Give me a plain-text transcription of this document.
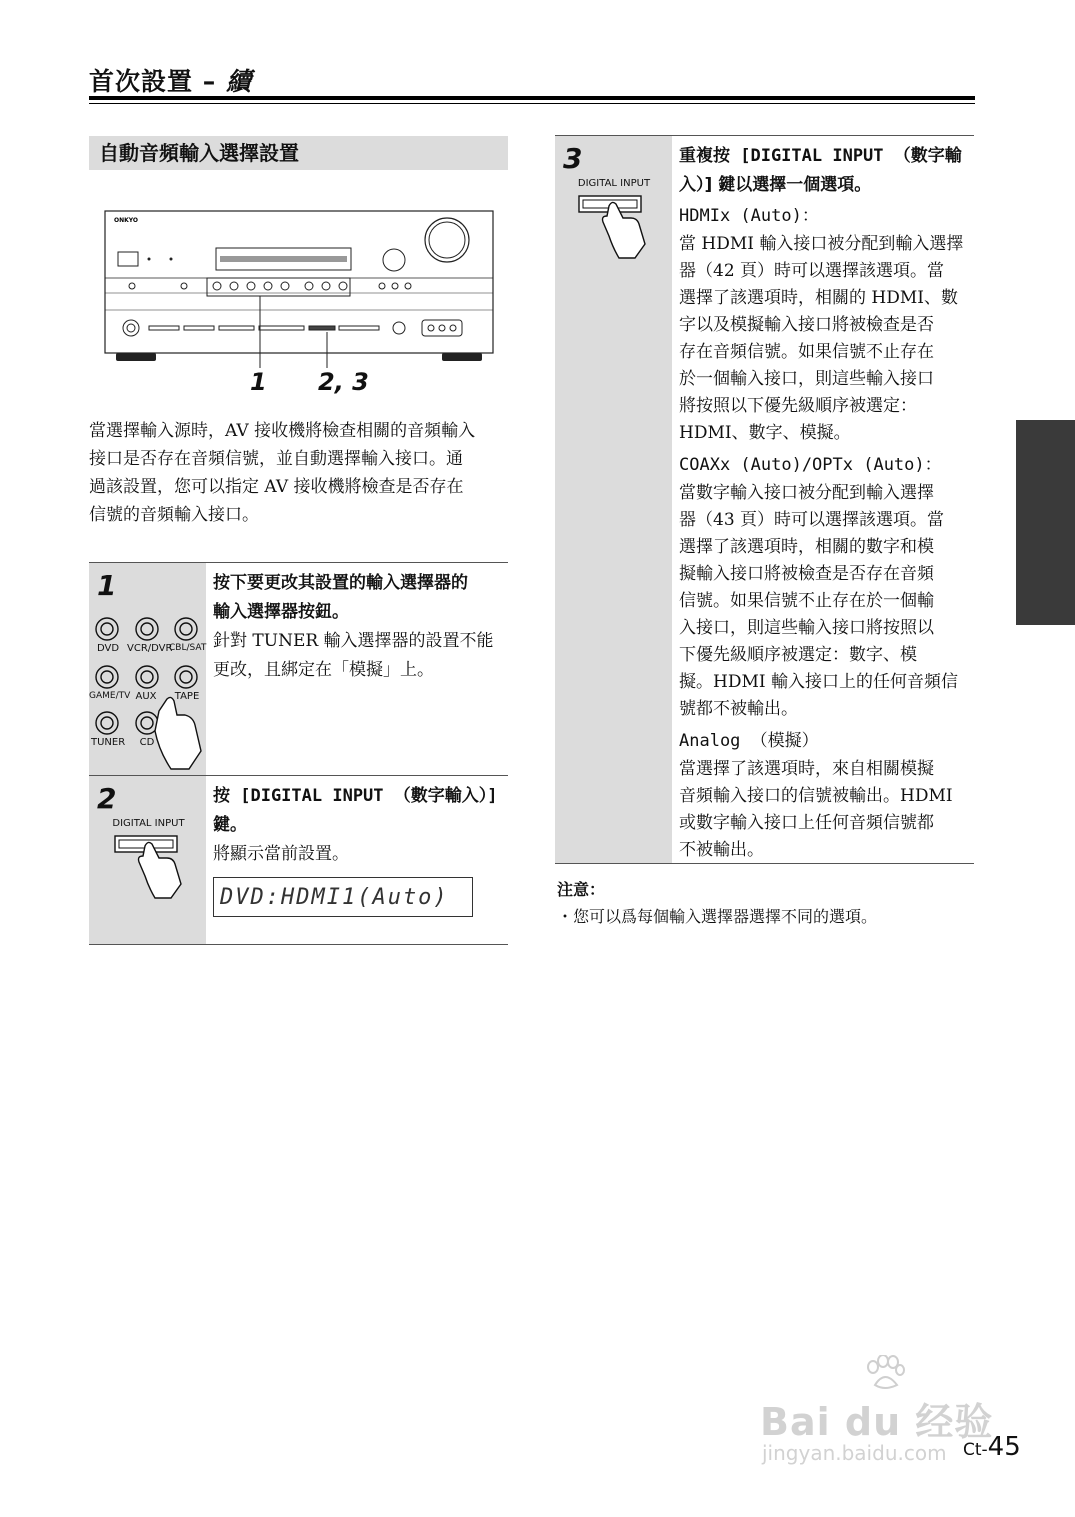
首次設置 – 續
自動音頻輸入選擇設置
ONKYO
1 2, 3
當選擇輸入源時，AV 接收機將檢查相關的音頻輸入
接口是否存在音頻信號，並自動選擇輸入接口。通
過該設置，您可以指定 AV 接收機將檢查是否存在
信號的音頻輸入接口。
1
DVD VCR/DVR
CBL/SAT
GAME/TV AUX	TAPE
TUNER	CD
按下要更改其設置的輸入選擇器的
輸入選擇器按鈕。
針對 TUNER 輸入選擇器的設置不能
更改，且綁定在「模擬」上。
2
DIGITAL INPUT
按 [DIGITAL INPUT （數字輸入）]
鍵。
將顯示當前設置。
DVD:HDMI1(Auto)
3
DIGITAL INPUT
重複按 [DIGITAL INPUT （數字輸
入）] 鍵以選擇一個選項。
HDMIx (Auto)：
當 HDMI 輸入接口被分配到輸入選擇
器（42 頁）時可以選擇該選項。當
選擇了該選項時，相關的 HDMI、數
字以及模擬輸入接口將被檢查是否
存在音頻信號。如果信號不止存在
於一個輸入接口，則這些輸入接口
將按照以下優先級順序被選定：
HDMI、數字、模擬。
COAXx (Auto)/OPTx (Auto)：
當數字輸入接口被分配到輸入選擇
器（43 頁）時可以選擇該選項。當
選擇了該選項時，相關的數字和模
擬輸入接口將被檢查是否存在音頻
信號。如果信號不止存在於一個輸
入接口，則這些輸入接口將按照以
下優先級順序被選定：數字、模
擬。HDMI 輸入接口上的任何音頻信
號都不被輸出。
Analog （模擬）
當選擇了該選項時，來自相關模擬
音頻輸入接口的信號被輸出。HDMI
或數字輸入接口上任何音頻信號都
不被輸出。
注意：
・您可以爲每個輸入選擇器選擇不同的選項。
Bai du 经验
jingyan.baidu.com Ct-45
